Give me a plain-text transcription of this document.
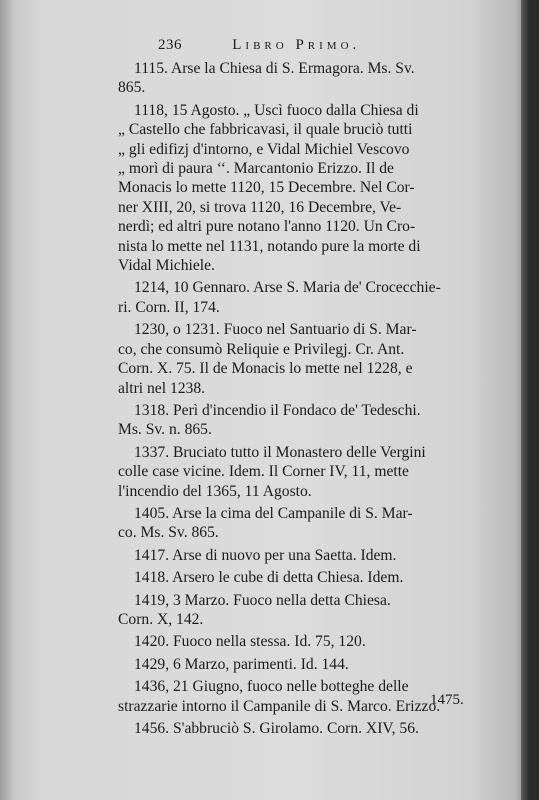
236	Libro Primo.
1115. Arse la Chiesa di S. Ermagora. Ms. Sv.
865.
1118, 15 Agosto. „ Uscì fuoco dalla Chiesa di
„ Castello che fabbricavasi, il quale bruciò tutti
„ gli edifizj d'intorno, e Vidal Michiel Vescovo
„ morì di paura ‘‘. Marcantonio Erizzo. Il de
Monacis lo mette 1120, 15 Decembre. Nel Cor-
ner XIII, 20, si trova 1120, 16 Decembre, Ve-
nerdì; ed altri pure notano l'anno 1120. Un Cro-
nista lo mette nel 1131, notando pure la morte di
Vidal Michiele.
1214, 10 Gennaro. Arse S. Maria de' Crocecchie-
ri. Corn. II, 174.
1230, o 1231. Fuoco nel Santuario di S. Mar-
co, che consumò Reliquie e Privilegj. Cr. Ant.
Corn. X. 75. Il de Monacis lo mette nel 1228, e
altri nel 1238.
1318. Perì d'incendio il Fondaco de' Tedeschi.
Ms. Sv. n. 865.
1337. Bruciato tutto il Monastero delle Vergini
colle case vicine. Idem. Il Corner IV, 11, mette
l'incendio del 1365, 11 Agosto.
1405. Arse la cima del Campanile di S. Mar-
co. Ms. Sv. 865.
1417. Arse di nuovo per una Saetta. Idem.
1418. Arsero le cube di detta Chiesa. Idem.
1419, 3 Marzo. Fuoco nella detta Chiesa.
Corn. X, 142.
1420. Fuoco nella stessa. Id. 75, 120.
1429, 6 Marzo, parimenti. Id. 144.
1436, 21 Giugno, fuoco nelle botteghe delle
strazzarie intorno il Campanile di S. Marco. Erizzo.
1456. S'abbruciò S. Girolamo. Corn. XIV, 56.
1475.
